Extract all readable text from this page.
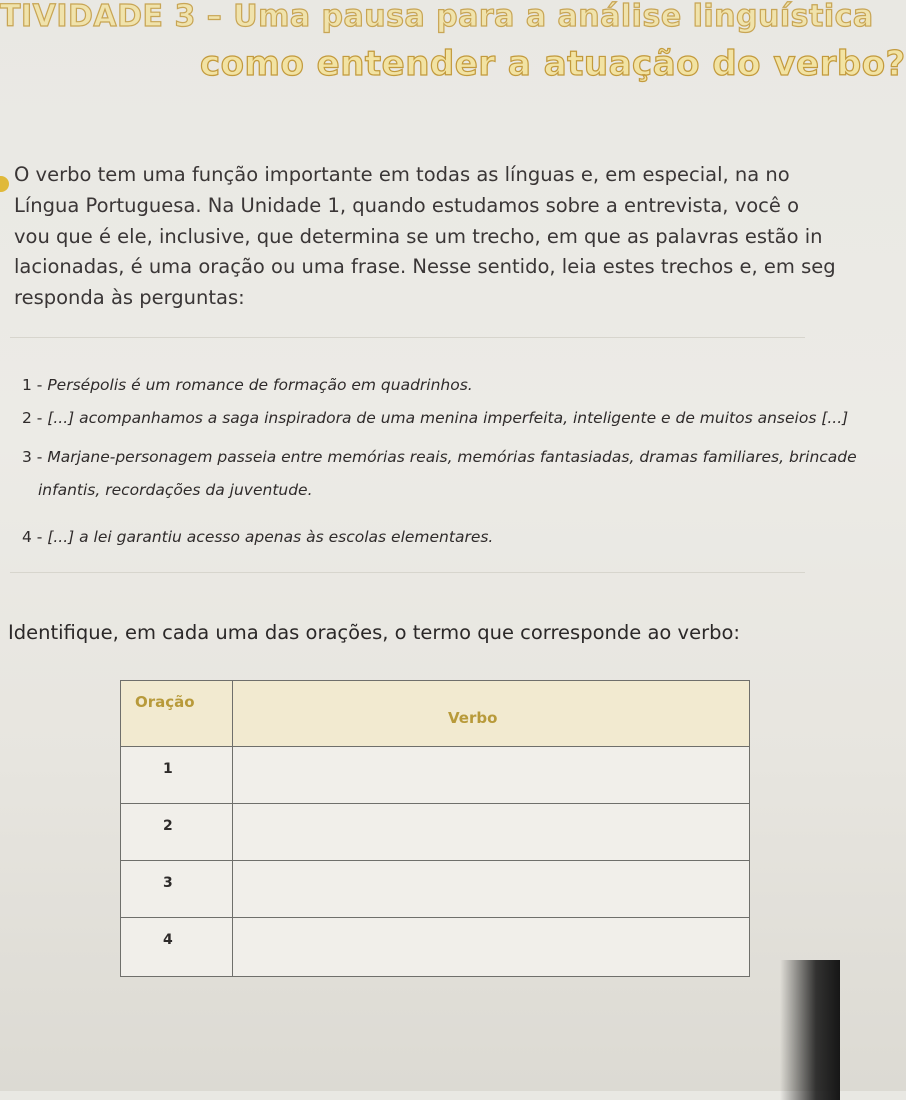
TIVIDADE 3 – Uma pausa para a análise linguística
como entender a atuação do verbo?
O verbo tem uma função importante em todas as línguas e, em especial, na no
Língua Portuguesa. Na Unidade 1, quando estudamos sobre a entrevista, você o
vou que é ele, inclusive, que determina se um trecho, em que as palavras estão in
lacionadas, é uma oração ou uma frase. Nesse sentido, leia estes trechos e, em seg
responda às perguntas:
1 - Persépolis é um romance de formação em quadrinhos.
2 - [...] acompanhamos a saga inspiradora de uma menina imperfeita, inteligente e de muitos anseios [...]
3 - Marjane-personagem passeia entre memórias reais, memórias fantasiadas, dramas familiares, brincade
infantis, recordações da juventude.
4 - [...] a lei garantiu acesso apenas às escolas elementares.
Identifique, em cada uma das orações, o termo que corresponde ao verbo:
Oração
Verbo
1
2
3
4
